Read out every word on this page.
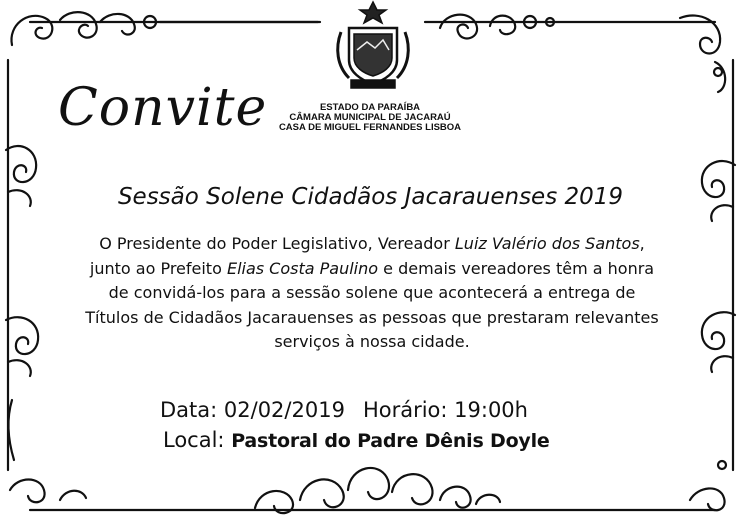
Convite	ESTADO DA PARAÍBA
CÂMARA MUNICIPAL DE JACARAÚ
CASA DE MIGUEL FERNANDES LISBOA
Sessão Solene Cidadãos Jacarauenses 2019
O Presidente do Poder Legislativo, Vereador Luiz Valério dos Santos,
junto ao Prefeito Elias Costa Paulino e demais vereadores têm a honra
de convidá-los para a sessão solene que acontecerá a entrega de
Títulos de Cidadãos Jacarauenses as pessoas que prestaram relevantes
serviços à nossa cidade.
Data: 02/02/2019 Horário: 19:00h
Local: Pastoral do Padre Dênis Doyle
